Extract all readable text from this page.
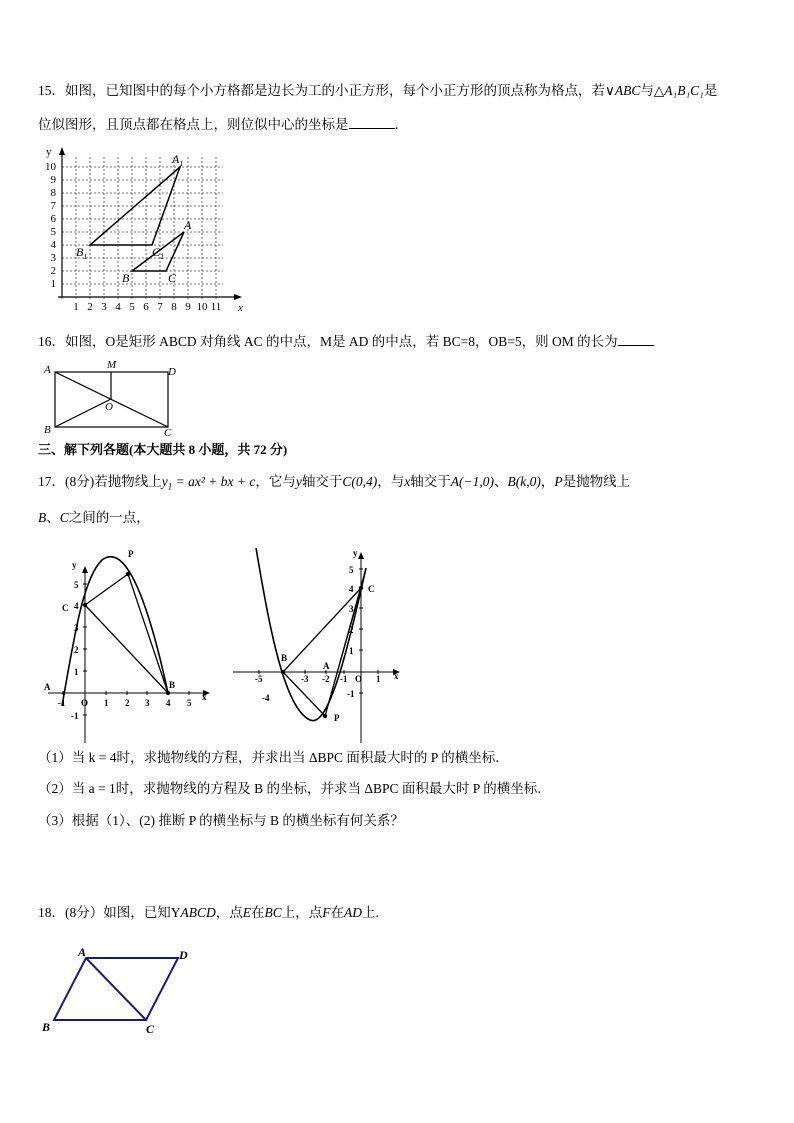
15．如图，已知图中的每个小方格都是边长为工的小正方形，每个小正方形的顶点称为格点，若∨ABC与△A₁B₁C₁是
位似图形，且顶点都在格点上，则位似中心的坐标是	．
y
x
1
2
3
4
5
6
7
8
9
10
1 2 3 4 5 6 7 8 9 10 11
$A_1$
A
$B_1$	$C_1$
B	C
16．如图，O是矩形 ABCD 对角线 AC 的中点，M是 AD 的中点，若 BC=8，OB=5，则 OM 的长为
A	M
D
O
B	C
三、解下列各题(本大题共 8 小题，共 72 分)
17．(8分)若抛物线上$y_1 = ax^2$ + bx + c，它与y轴交于C(0,4)，与x轴交于A(−1,0)、B(k,0)，P是抛物线上
B、C之间的一点，
y
x
5
4
3
2
1
-1
-1 O 1 2 3 4 5
A	B
C
P	y
x
5
4
3
2
1
-1
-5
-4
-3 -2 -1 O 1
A
B
C
P
（1）当 k = 4时，求抛物线的方程，并求出当 ΔBPC 面积最大时的 P 的横坐标．
（2）当 a = 1时，求抛物线的方程及 B 的坐标，并求当 ΔBPC 面积最大时 P 的横坐标．
（3）根据（1）、(2) 推断 P 的横坐标与 B 的横坐标有何关系？
18．(8分）如图，已知YABCD，点E在BC上，点F在AD上.
A	D
B	C
